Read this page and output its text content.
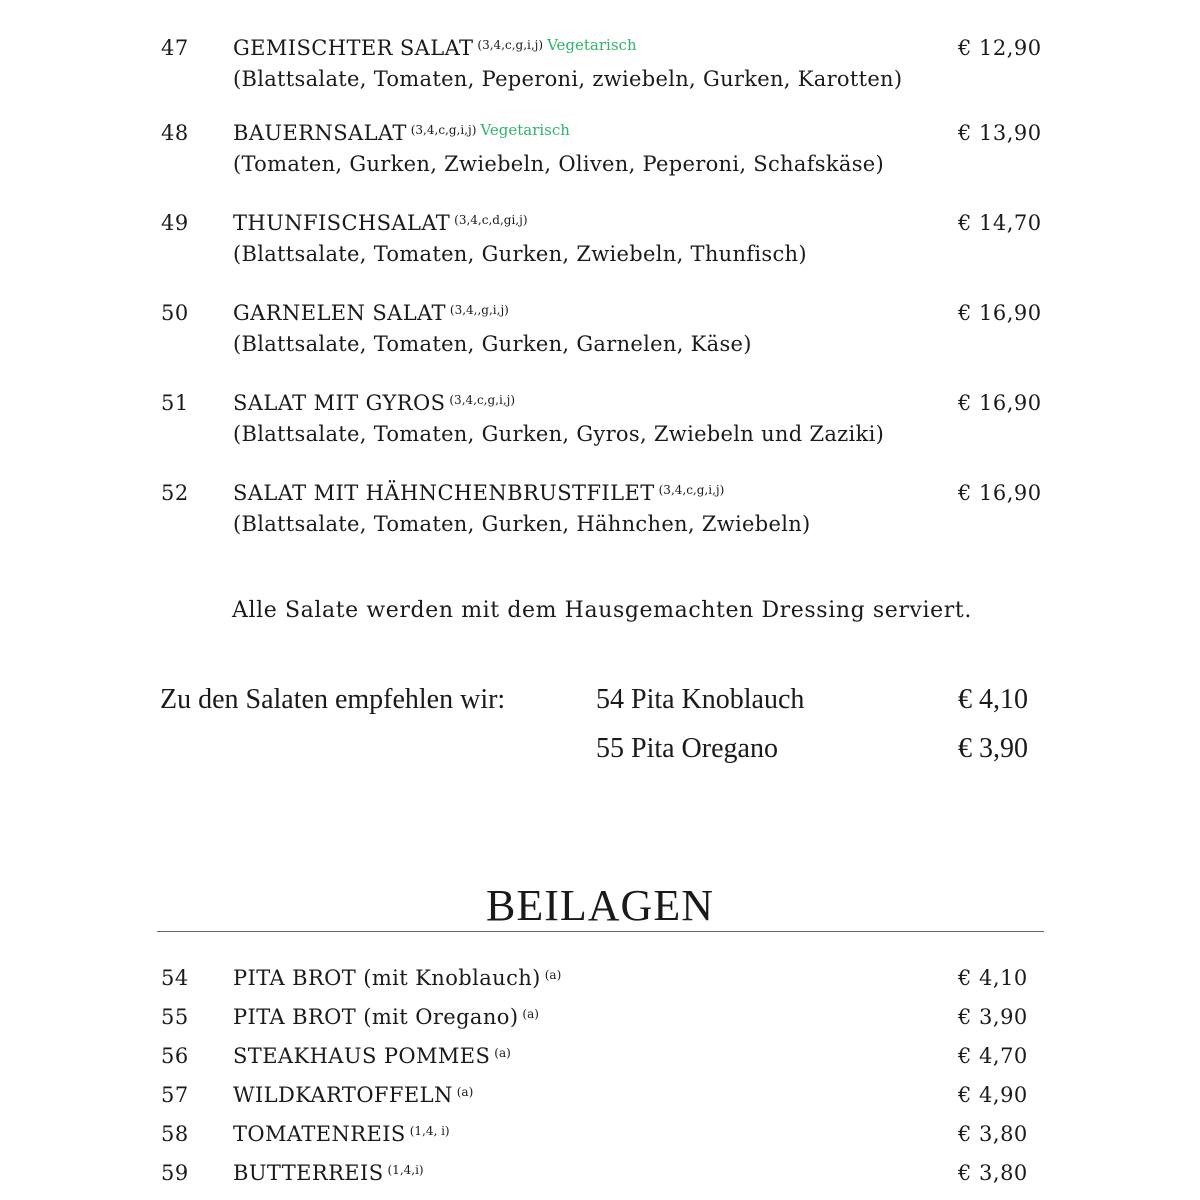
47 GEMISCHTER SALAT $^{(3,4,c,g,i,j)}$ $^{Vegetarisch}$	€ 12,90
(Blattsalate, Tomaten, Peperoni, zwiebeln, Gurken, Karotten)
48 BAUERNSALAT $^{(3,4,c,g,i,j)}$ $^{Vegetarisch}$	€ 13,90
(Tomaten, Gurken, Zwiebeln, Oliven, Peperoni, Schafskäse)
49 THUNFISCHSALAT $^{(3,4,c,d,gi,j)}$	€ 14,70
(Blattsalate, Tomaten, Gurken, Zwiebeln, Thunfisch)
50 GARNELEN SALAT $^{(3,4,,g,i,j)}$	€ 16,90
(Blattsalate, Tomaten, Gurken, Garnelen, Käse)
51 SALAT MIT GYROS $^{(3,4,c,g,i,j)}$	€ 16,90
(Blattsalate, Tomaten, Gurken, Gyros, Zwiebeln und Zaziki)
52 SALAT MIT HÄHNCHENBRUSTFILET $^{(3,4,c,g,i,j)}$	€ 16,90
(Blattsalate, Tomaten, Gurken, Hähnchen, Zwiebeln)
Alle Salate werden mit dem Hausgemachten Dressing serviert.
Zu den Salaten empfehlen wir:	54 Pita Knoblauch	€ 4,10
55 Pita Oregano	€ 3,90
BEILAGEN
54 PITA BROT (mit Knoblauch) $^{(a)}$	€ 4,10
55 PITA BROT (mit Oregano) $^{(a)}$	€ 3,90
56 STEAKHAUS POMMES $^{(a)}$	€ 4,70
57 WILDKARTOFFELN $^{(a)}$	€ 4,90
58 TOMATENREIS $^{(1,4, i)}$	€ 3,80
59 BUTTERREIS $^{(1,4,i)}$	€ 3,80
